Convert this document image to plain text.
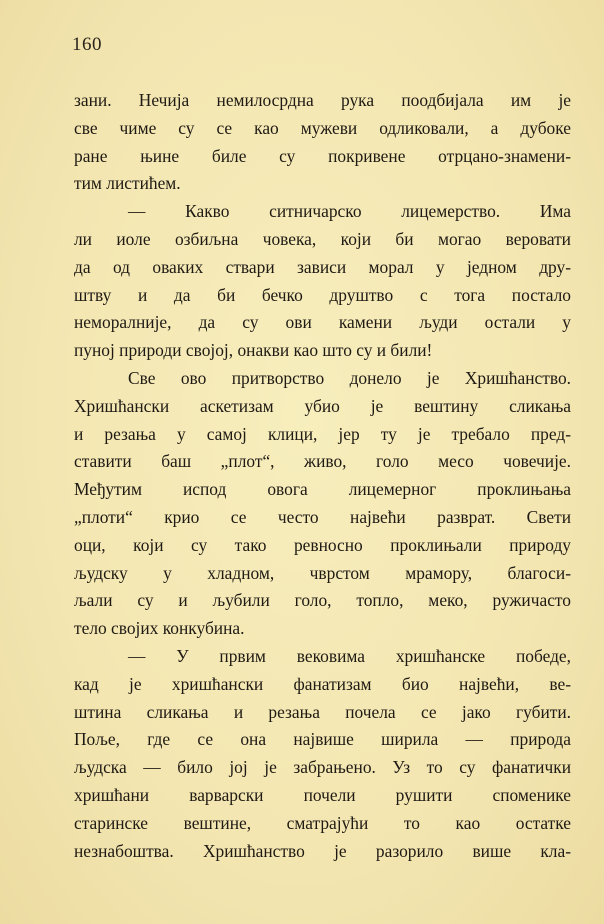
160
зани. Нечија немилосрдна рука поодбијала им је
све чиме су се као мужеви одликовали, а дубоке
ране њине биле су покривене отрцано-знамени-
тим листићем.
— Какво ситничарско лицемерство. Има
ли иоле озбиљна човека, који би могао веровати
да од оваких ствари зависи морал у једном дру-
штву и да би бечко друштво с тога постало
неморалније, да су ови камени људи остали у
пуној природи својој, онакви као што су и били!
Све ово притворство донело је Хришћанство.
Хришћански аскетизам убио је вештину сликања
и резања у самој клици, јер ту је требало пред-
ставити баш „плот“, живо, голо месо човечије.
Међутим испод овога лицемерног проклињања
„плоти“ крио се често највећи разврат. Свети
оци, који су тако ревносно проклињали природу
људску у хладном, чврстом мрамору, благоси-
љали су и љубили голо, топло, меко, ружичасто
тело својих конкубина.
— У првим вековима хришћанске победе,
кад је хришћански фанатизам био највећи, ве-
штина сликања и резања почела се јако губити.
Поље, где се она највише ширила — природа
људска — било јој је забрањено. Уз то су фанатички
хришћани варварски почели рушити споменике
старинске вештине, сматрајући то као остатке
незнабоштва. Хришћанство је разорило више кла-
